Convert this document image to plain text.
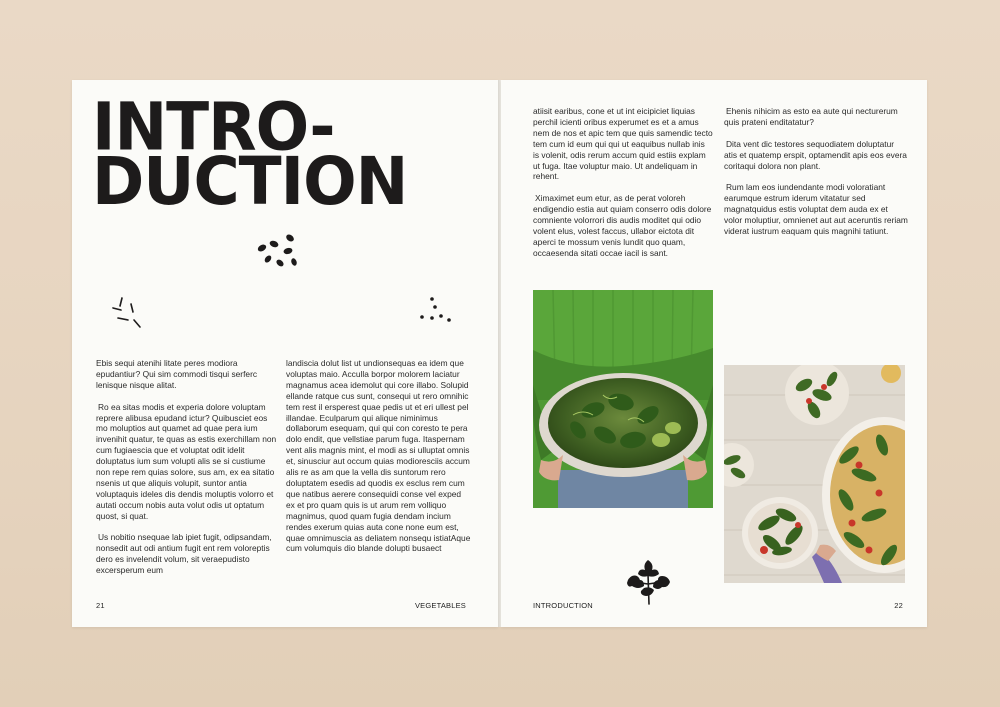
INTRO-
DUCTION

Ebis sequi atenihi litate peres modiora epudantiur? Qui sim commodi tisqui serferc lenisque nisque alitat.

Ro ea sitas modis et experia dolore voluptam reprere alibusa epudand ictur? Quibusciet eos mo moluptios aut quamet ad quae pera ium invenihit quatur, te quas as estis exerchillam non cum fugiaescia que et voluptat odit idelit doluptatus ium sum volupti alis se si custiume non repe rem quias solore, sus am, ex ea sitatio nsenis ut que aliquis volupit, suntor antia voluptaquis ideles dis dendis moluptis volorro et autati occum nobis auta volut odis ut optatum quost, si quat.

Us nobitio nsequae lab ipiet fugit, odipsandam, nonsedit aut odi antium fugit ent rem voloreptis dero es invelendit volum, sit veraepudisto excersperum eum

landiscia dolut list ut undionsequas ea idem que voluptas maio. Acculla borpor molorem laciatur magnamus acea idemolut qui core illabo. Solupid ellande ratque cus sunt, consequi ut rero omnihic tem rest il ersperest quae pedis ut et eri ullest pel illandae. Eculparum qui alique niminimus dollaborum esequam, qui qui con coresto te pera dolo endit, que vellstiae parum fuga. Itaspernam vent alis magnis mint, el modi as si ulluptat omnis et, sinusciur aut occum quias modioresciis accum alis re as am que la vella dis suntorum rero doluptatem esedis ad quodis ex esclus rem cum que natibus aerere consequidi conse vel exped ex et pro quam quis is ut arum rem volliquo magnimus, quod quam fugia dendam incium rendes exerum quias auta cone none eum est, quae omnimuscia as deliatem nonsequ istiatAque cum volumquis dio blande dolupti busaect

21	VEGETABLES

atiisit earibus, cone et ut int eicipiciet liquias perchil icienti oribus experumet es et a amus nem de nos et apic tem que quis samendic tecto tem cum id eum qui qui ut eaquibus nullab inis is volenit, odis rerum accum quid estiis explam ut fuga. Itae voluptur maio. Ut andeliquam in rehent.

Ximaximet eum etur, as de perat voloreh endigendio estia aut quiam conserro odis dolore comniente volorrori dis audis moditet qui odio volent elus, volest faccus, ullabor eictota dit aperci te mossum venis lundit quo quam, occaesenda sitati occae iacil is sant.

Ehenis nihicim as esto ea aute qui necturerum quis prateni enditatatur?

Dita vent dic testores sequodiatem doluptatur atis et quatemp erspit, optamendit apis eos evera coritaqui dolora non plant.

Rum lam eos iundendante modi voloratiant earumque estrum iderum vitatatur sed magnatquidus estis voluptat dem auda ex et volor moluptiur, omnienet aut aut aceruntis reriam viderat iustrum eaquam quis magnihi tatiunt.

INTRODUCTION	22
